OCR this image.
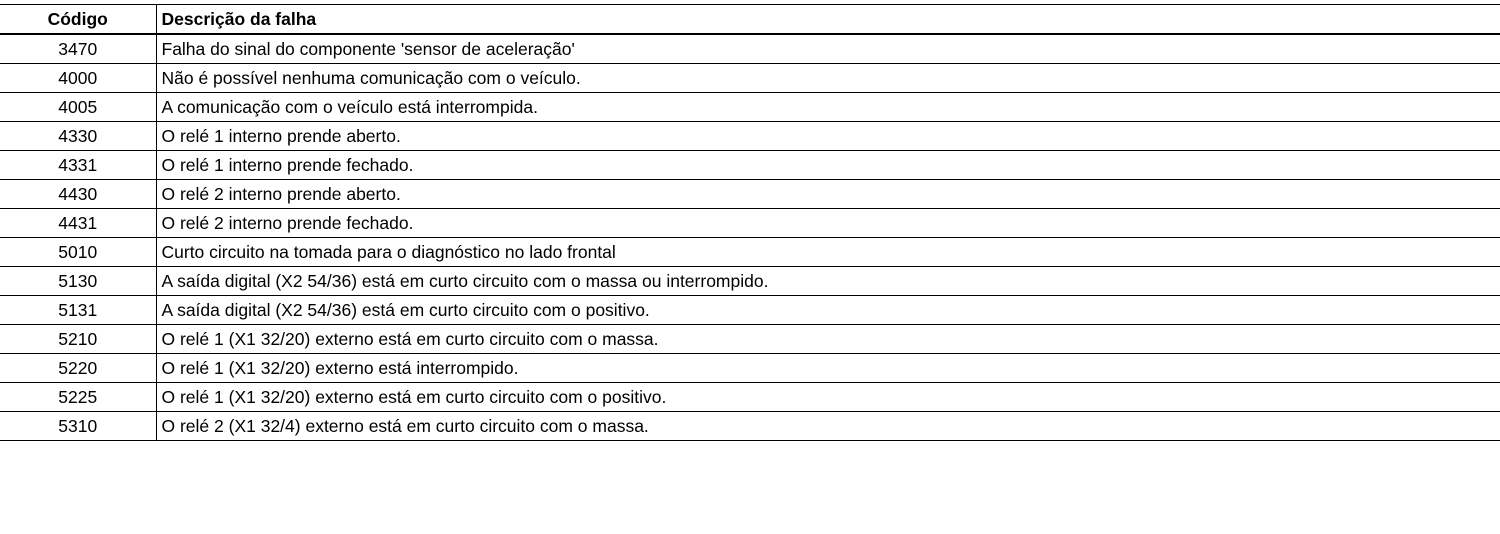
Código	Descrição da falha
3470	Falha do sinal do componente 'sensor de aceleração'
4000	Não é possível nenhuma comunicação com o veículo.
4005	A comunicação com o veículo está interrompida.
4330	O relé 1 interno prende aberto.
4331	O relé 1 interno prende fechado.
4430	O relé 2 interno prende aberto.
4431	O relé 2 interno prende fechado.
5010	Curto circuito na tomada para o diagnóstico no lado frontal
5130	A saída digital (X2 54/36) está em curto circuito com o massa ou interrompido.
5131	A saída digital (X2 54/36) está em curto circuito com o positivo.
5210	O relé 1 (X1 32/20) externo está em curto circuito com o massa.
5220	O relé 1 (X1 32/20) externo está interrompido.
5225	O relé 1 (X1 32/20) externo está em curto circuito com o positivo.
5310	O relé 2 (X1 32/4) externo está em curto circuito com o massa.
